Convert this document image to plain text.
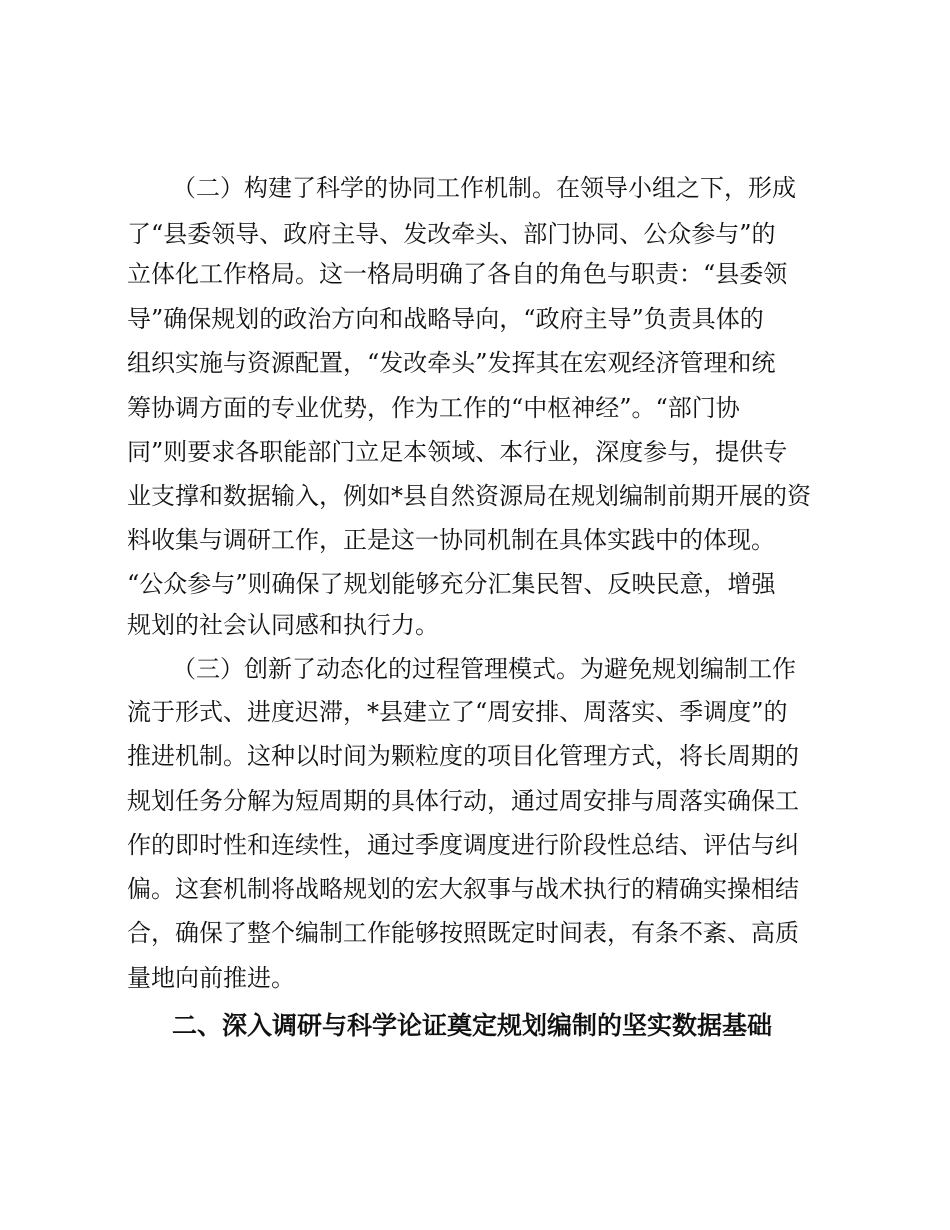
（二）构建了科学的协同工作机制。在领导小组之下，形成
了“县委领导、政府主导、发改牵头、部门协同、公众参与”的
立体化工作格局。这一格局明确了各自的角色与职责：“县委领
导”确保规划的政治方向和战略导向，“政府主导”负责具体的
组织实施与资源配置，“发改牵头”发挥其在宏观经济管理和统
筹协调方面的专业优势，作为工作的“中枢神经”。“部门协
同”则要求各职能部门立足本领域、本行业，深度参与，提供专
业支撑和数据输入，例如*县自然资源局在规划编制前期开展的资
料收集与调研工作，正是这一协同机制在具体实践中的体现。
“公众参与”则确保了规划能够充分汇集民智、反映民意，增强
规划的社会认同感和执行力。
（三）创新了动态化的过程管理模式。为避免规划编制工作
流于形式、进度迟滞，*县建立了“周安排、周落实、季调度”的
推进机制。这种以时间为颗粒度的项目化管理方式，将长周期的
规划任务分解为短周期的具体行动，通过周安排与周落实确保工
作的即时性和连续性，通过季度调度进行阶段性总结、评估与纠
偏。这套机制将战略规划的宏大叙事与战术执行的精确实操相结
合，确保了整个编制工作能够按照既定时间表，有条不紊、高质
量地向前推进。
二、深入调研与科学论证奠定规划编制的坚实数据基础
